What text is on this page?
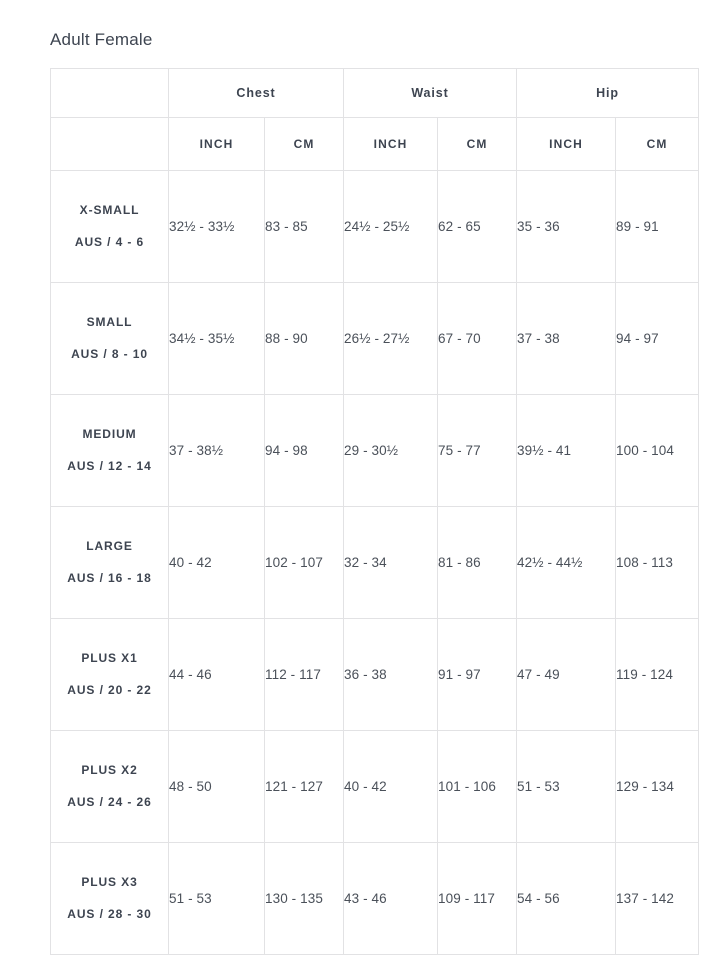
Adult Female
	Chest		Waist		Hip	
	INCH	CM	INCH	CM	INCH	CM
X-SMALL
AUS / 4 - 6	32½ - 33½	83 - 85	24½ - 25½	62 - 65	35 - 36	89 - 91
SMALL
AUS / 8 - 10	34½ - 35½	88 - 90	26½ - 27½	67 - 70	37 - 38	94 - 97
MEDIUM
AUS / 12 - 14	37 - 38½	94 - 98	29 - 30½	75 - 77	39½ - 41	100 - 104
LARGE
AUS / 16 - 18	40 - 42	102 - 107	32 - 34	81 - 86	42½ - 44½	108 - 113
PLUS X1
AUS / 20 - 22	44 - 46	112 - 117	36 - 38	91 - 97	47 - 49	119 - 124
PLUS X2
AUS / 24 - 26	48 - 50	121 - 127	40 - 42	101 - 106	51 - 53	129 - 134
PLUS X3
AUS / 28 - 30	51 - 53	130 - 135	43 - 46	109 - 117	54 - 56	137 - 142
